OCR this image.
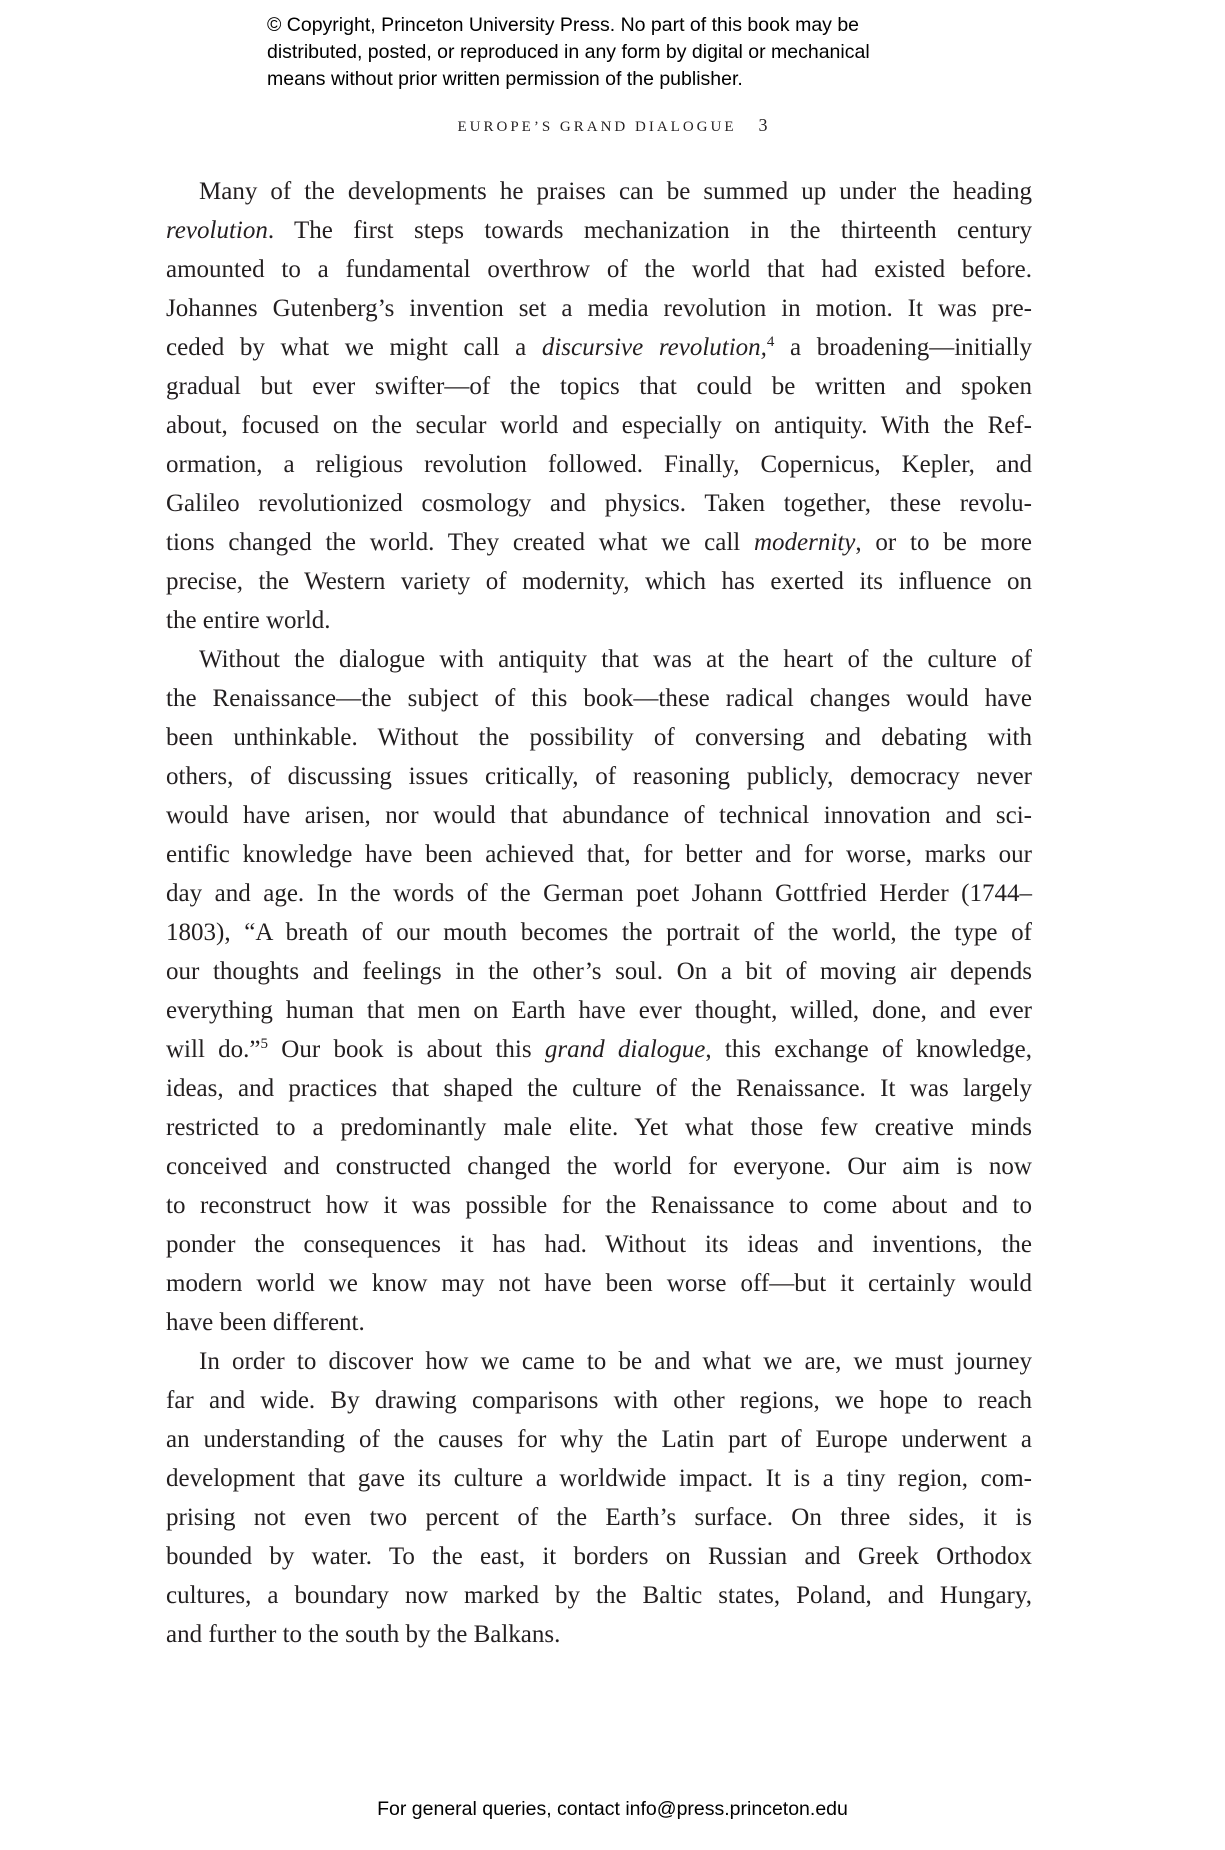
© Copyright, Princeton University Press. No part of this book may be
distributed, posted, or reproduced in any form by digital or mechanical
means without prior written permission of the publisher.
EUROPE’S GRAND DIALOGUE 3
Many of the developments he praises can be summed up under the heading
revolution. The first steps towards mechanization in the thirteenth century
amounted to a fundamental overthrow of the world that had existed before.
Johannes Gutenberg’s invention set a media revolution in motion. It was pre-
ceded by what we might call a discursive revolution,$^4$ a broadening—initially
gradual but ever swifter—of the topics that could be written and spoken
about, focused on the secular world and especially on antiquity. With the Ref-
ormation, a religious revolution followed. Finally, Copernicus, Kepler, and
Galileo revolutionized cosmology and physics. Taken together, these revolu-
tions changed the world. They created what we call modernity, or to be more
precise, the Western variety of modernity, which has exerted its influence on
the entire world.
Without the dialogue with antiquity that was at the heart of the culture of
the Renaissance—the subject of this book—these radical changes would have
been unthinkable. Without the possibility of conversing and debating with
others, of discussing issues critically, of reasoning publicly, democracy never
would have arisen, nor would that abundance of technical innovation and sci-
entific knowledge have been achieved that, for better and for worse, marks our
day and age. In the words of the German poet Johann Gottfried Herder (1744–
1803), “A breath of our mouth becomes the portrait of the world, the type of
our thoughts and feelings in the other’s soul. On a bit of moving air depends
everything human that men on Earth have ever thought, willed, done, and ever
will do.”$^5$ Our book is about this grand dialogue, this exchange of knowledge,
ideas, and practices that shaped the culture of the Renaissance. It was largely
restricted to a predominantly male elite. Yet what those few creative minds
conceived and constructed changed the world for everyone. Our aim is now
to reconstruct how it was possible for the Renaissance to come about and to
ponder the consequences it has had. Without its ideas and inventions, the
modern world we know may not have been worse off—but it certainly would
have been different.
In order to discover how we came to be and what we are, we must journey
far and wide. By drawing comparisons with other regions, we hope to reach
an understanding of the causes for why the Latin part of Europe underwent a
development that gave its culture a worldwide impact. It is a tiny region, com-
prising not even two percent of the Earth’s surface. On three sides, it is
bounded by water. To the east, it borders on Russian and Greek Orthodox
cultures, a boundary now marked by the Baltic states, Poland, and Hungary,
and further to the south by the Balkans.
For general queries, contact info@press.princeton.edu
